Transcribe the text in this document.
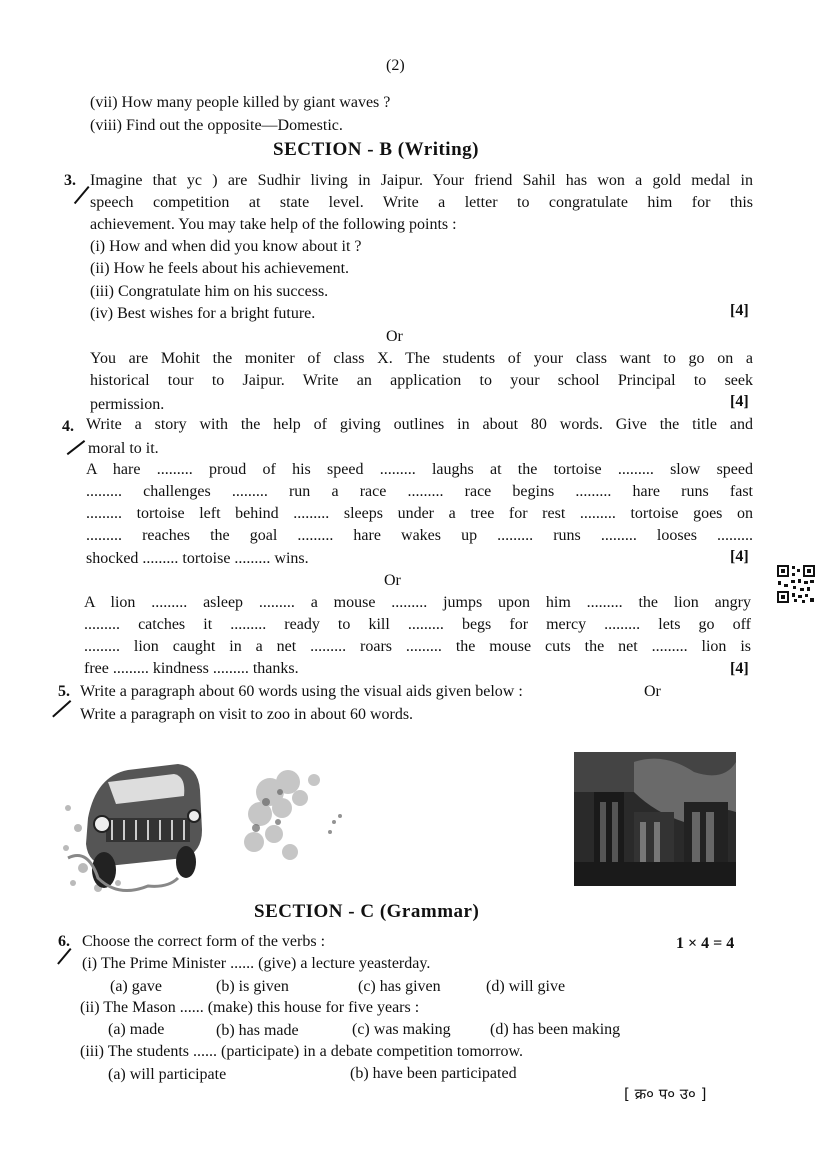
(2)
(vii) How many people killed by giant waves ?
(viii) Find out the opposite—Domestic.
SECTION - B (Writing)
3. Imagine that yc ) are Sudhir living in Jaipur. Your friend Sahil has won a gold medal in
speech competition at state level. Write a letter to congratulate him for this
achievement. You may take help of the following points :
(i) How and when did you know about it ?
(ii) How he feels about his achievement.
(iii) Congratulate him on his success.
(iv) Best wishes for a bright future.	[4]
Or
You are Mohit the moniter of class X. The students of your class want to go on a
historical tour to Jaipur. Write an application to your school Principal to seek
permission.	[4]
4. Write a story with the help of giving outlines in about 80 words. Give the title and
moral to it.
A hare ......... proud of his speed ......... laughs at the tortoise ......... slow speed
......... challenges ......... run a race ......... race begins ......... hare runs fast
......... tortoise left behind ......... sleeps under a tree for rest ......... tortoise goes on
......... reaches the goal ......... hare wakes up ......... runs ......... looses .........
shocked ......... tortoise ......... wins.	[4]
Or
A lion ......... asleep ......... a mouse ......... jumps upon him ......... the lion angry
......... catches it ......... ready to kill ......... begs for mercy ......... lets go off
......... lion caught in a net ......... roars ......... the mouse cuts the net ......... lion is
free ......... kindness ......... thanks.	[4]
5. Write a paragraph about 60 words using the visual aids given below :	Or
Write a paragraph on visit to zoo in about 60 words.
SECTION - C (Grammar)
6. Choose the correct form of the verbs :	1 × 4 = 4
(i) The Prime Minister ...... (give) a lecture yeasterday.
(a) gave	(b) is given	(c) has given	(d) will give
(ii) The Mason ...... (make) this house for five years :
(a) made	(b) has made	(c) was making (d) has been making
(iii) The students ...... (participate) in a debate competition tomorrow.
(a) will participate	(b) have been participated
[ क्र० प० उ० ]
